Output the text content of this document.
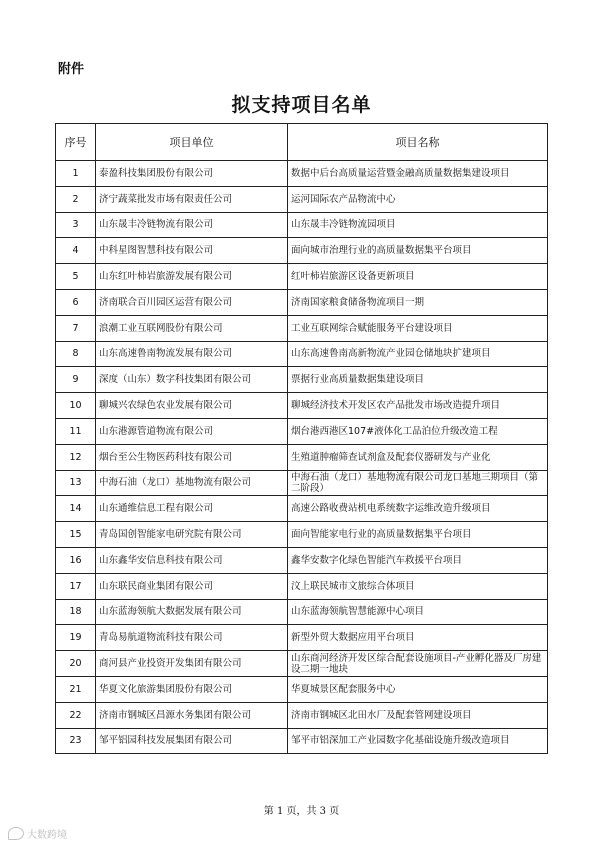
附件
拟支持项目名单
序号	项目单位	项目名称
1	泰盈科技集团股份有限公司	数据中后台高质量运营暨金融高质量数据集建设项目
2	济宁蔬菜批发市场有限责任公司	运河国际农产品物流中心
3	山东晟丰冷链物流有限公司	山东晟丰冷链物流园项目
4	中科星图智慧科技有限公司	面向城市治理行业的高质量数据集平台项目
5	山东红叶柿岩旅游发展有限公司	红叶柿岩旅游区设备更新项目
6	济南联合百川园区运营有限公司	济南国家粮食储备物流项目一期
7	浪潮工业互联网股份有限公司	工业互联网综合赋能服务平台建设项目
8	山东高速鲁南物流发展有限公司	山东高速鲁南高新物流产业园仓储地块扩建项目
9	深度（山东）数字科技集团有限公司	票据行业高质量数据集建设项目
10	聊城兴农绿色农业发展有限公司	聊城经济技术开发区农产品批发市场改造提升项目
11	山东港源管道物流有限公司	烟台港西港区107#液体化工品泊位升级改造工程
12	烟台至公生物医药科技有限公司	生殖道肿瘤筛查试剂盒及配套仪器研发与产业化
13	中海石油（龙口）基地物流有限公司	中海石油（龙口）基地物流有限公司龙口基地三期项目（第二阶段）
14	山东通维信息工程有限公司	高速公路收费站机电系统数字运维改造升级项目
15	青岛国创智能家电研究院有限公司	面向智能家电行业的高质量数据集平台项目
16	山东鑫华安信息科技有限公司	鑫华安数字化绿色智能汽车救援平台项目
17	山东联民商业集团有限公司	汶上联民城市文旅综合体项目
18	山东蓝海领航大数据发展有限公司	山东蓝海领航智慧能源中心项目
19	青岛易航道物流科技有限公司	新型外贸大数据应用平台项目
20	商河县产业投资开发集团有限公司	山东商河经济开发区综合配套设施项目-产业孵化器及厂房建设二期一地块
21	华夏文化旅游集团股份有限公司	华夏城景区配套服务中心
22	济南市钢城区昌源水务集团有限公司	济南市钢城区北田水厂及配套管网建设项目
23	邹平铝园科技发展集团有限公司	邹平市铝深加工产业园数字化基础设施升级改造项目
第 1 页，共 3 页
大数跨境
